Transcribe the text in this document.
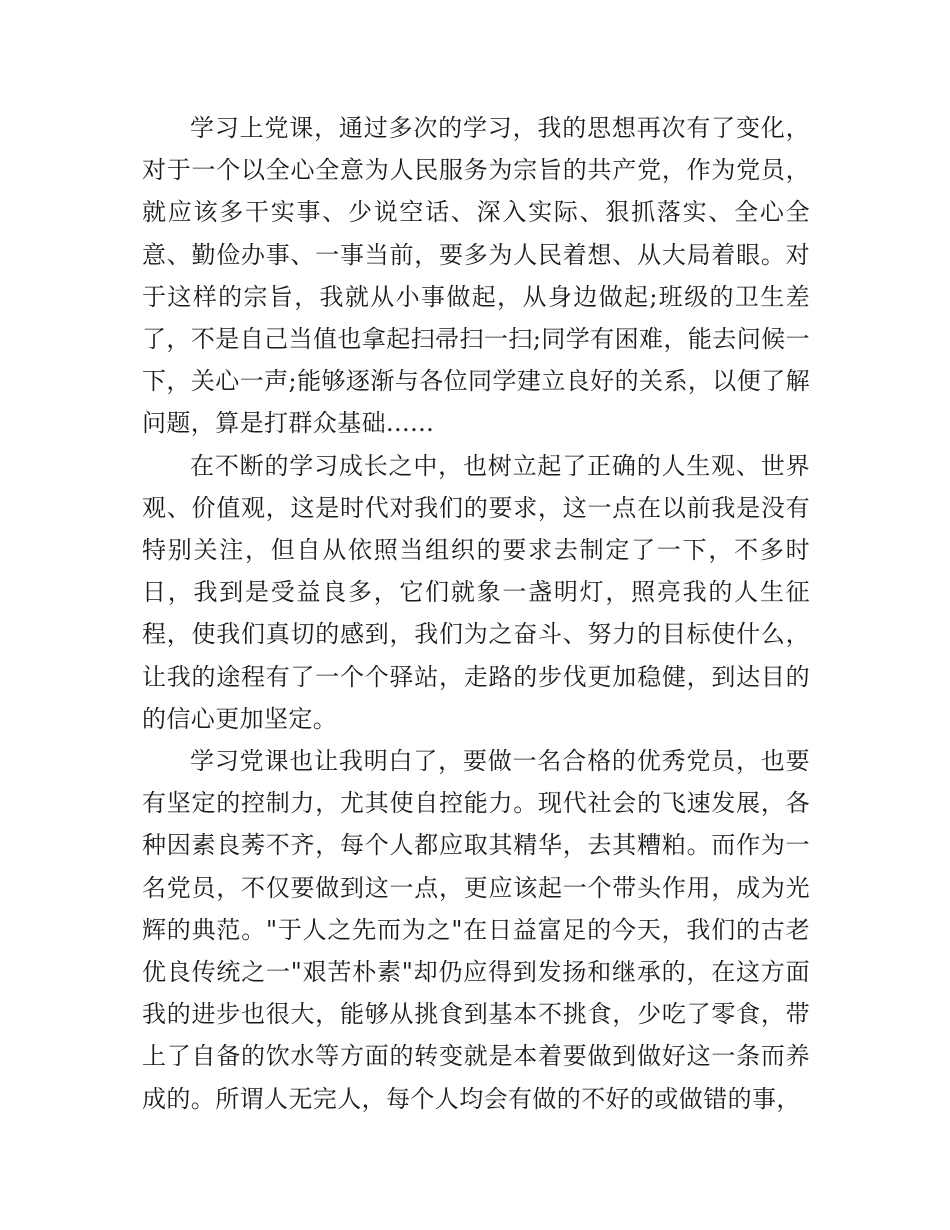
学习上党课，通过多次的学习，我的思想再次有了变化，对于一个以全心全意为人民服务为宗旨的共产党，作为党员，就应该多干实事、少说空话、深入实际、狠抓落实、全心全意、勤俭办事、一事当前，要多为人民着想、从大局着眼。对于这样的宗旨，我就从小事做起，从身边做起;班级的卫生差了，不是自己当值也拿起扫帚扫一扫;同学有困难，能去问候一下，关心一声;能够逐渐与各位同学建立良好的关系，以便了解问题，算是打群众基础......

在不断的学习成长之中，也树立起了正确的人生观、世界观、价值观，这是时代对我们的要求，这一点在以前我是没有特别关注，但自从依照当组织的要求去制定了一下，不多时日，我到是受益良多，它们就象一盏明灯，照亮我的人生征程，使我们真切的感到，我们为之奋斗、努力的目标使什么，让我的途程有了一个个驿站，走路的步伐更加稳健，到达目的的信心更加坚定。

学习党课也让我明白了，要做一名合格的优秀党员，也要有坚定的控制力，尤其使自控能力。现代社会的飞速发展，各种因素良莠不齐，每个人都应取其精华，去其糟粕。而作为一名党员，不仅要做到这一点，更应该起一个带头作用，成为光辉的典范。"于人之先而为之"在日益富足的今天，我们的古老优良传统之一"艰苦朴素"却仍应得到发扬和继承的，在这方面我的进步也很大，能够从挑食到基本不挑食，少吃了零食，带上了自备的饮水等方面的转变就是本着要做到做好这一条而养成的。所谓人无完人，每个人均会有做的不好的或做错的事，
